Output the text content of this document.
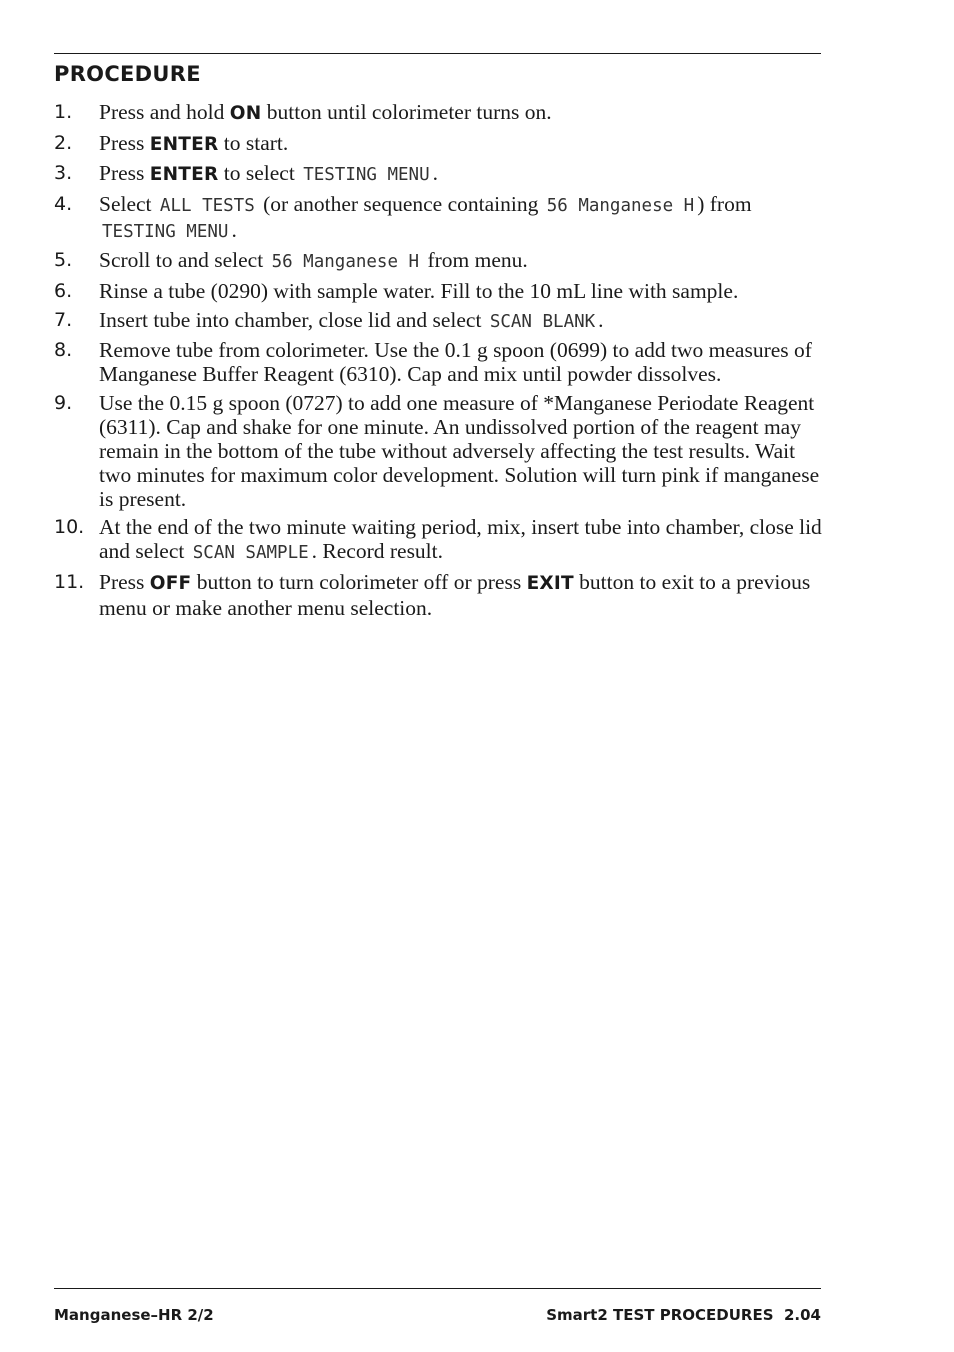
PROCEDURE
1. Press and hold ON button until colorimeter turns on.
2. Press ENTER to start.
3. Press ENTER to select TESTING MENU .
4. Select ALL TESTS (or another sequence containing 56 Manganese H ) from TESTING MENU .
5. Scroll to and select 56 Manganese H from menu.
6. Rinse a tube (0290) with sample water. Fill to the 10 mL line with sample.
7. Insert tube into chamber, close lid and select SCAN BLANK .
8. Remove tube from colorimeter. Use the 0.1 g spoon (0699) to add two measures of Manganese Buffer Reagent (6310). Cap and mix until powder dissolves.
9. Use the 0.15 g spoon (0727) to add one measure of *Manganese Periodate Reagent (6311). Cap and shake for one minute. An undissolved portion of the reagent may remain in the bottom of the tube without adversely affecting the test results. Wait two minutes for maximum color development. Solution will turn pink if manganese is present.
10. At the end of the two minute waiting period, mix, insert tube into chamber, close lid and select SCAN SAMPLE . Record result.
11. Press OFF button to turn colorimeter off or press EXIT button to exit to a previous menu or make another menu selection.
Manganese–HR 2/2	Smart2 TEST PROCEDURES  2.04
